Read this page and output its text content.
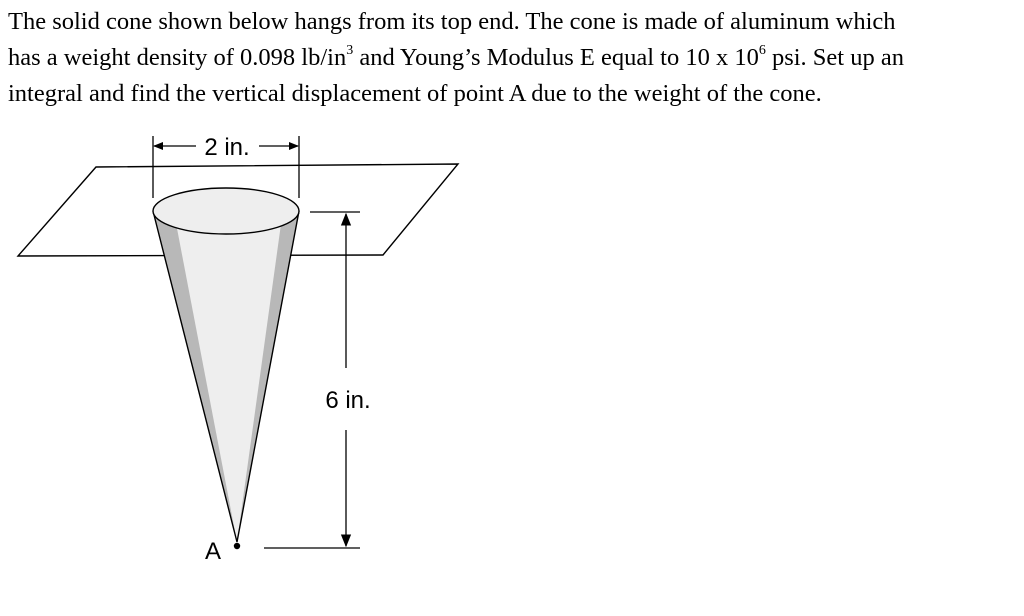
The solid cone shown below hangs from its top end. The cone is made of aluminum which
has a weight density of 0.098 $lb/in^3$ and Young’s Modulus E equal to 10 x $10^6$ psi. Set up an
integral and find the vertical displacement of point A due to the weight of the cone.
2 in.
6 in.
A
